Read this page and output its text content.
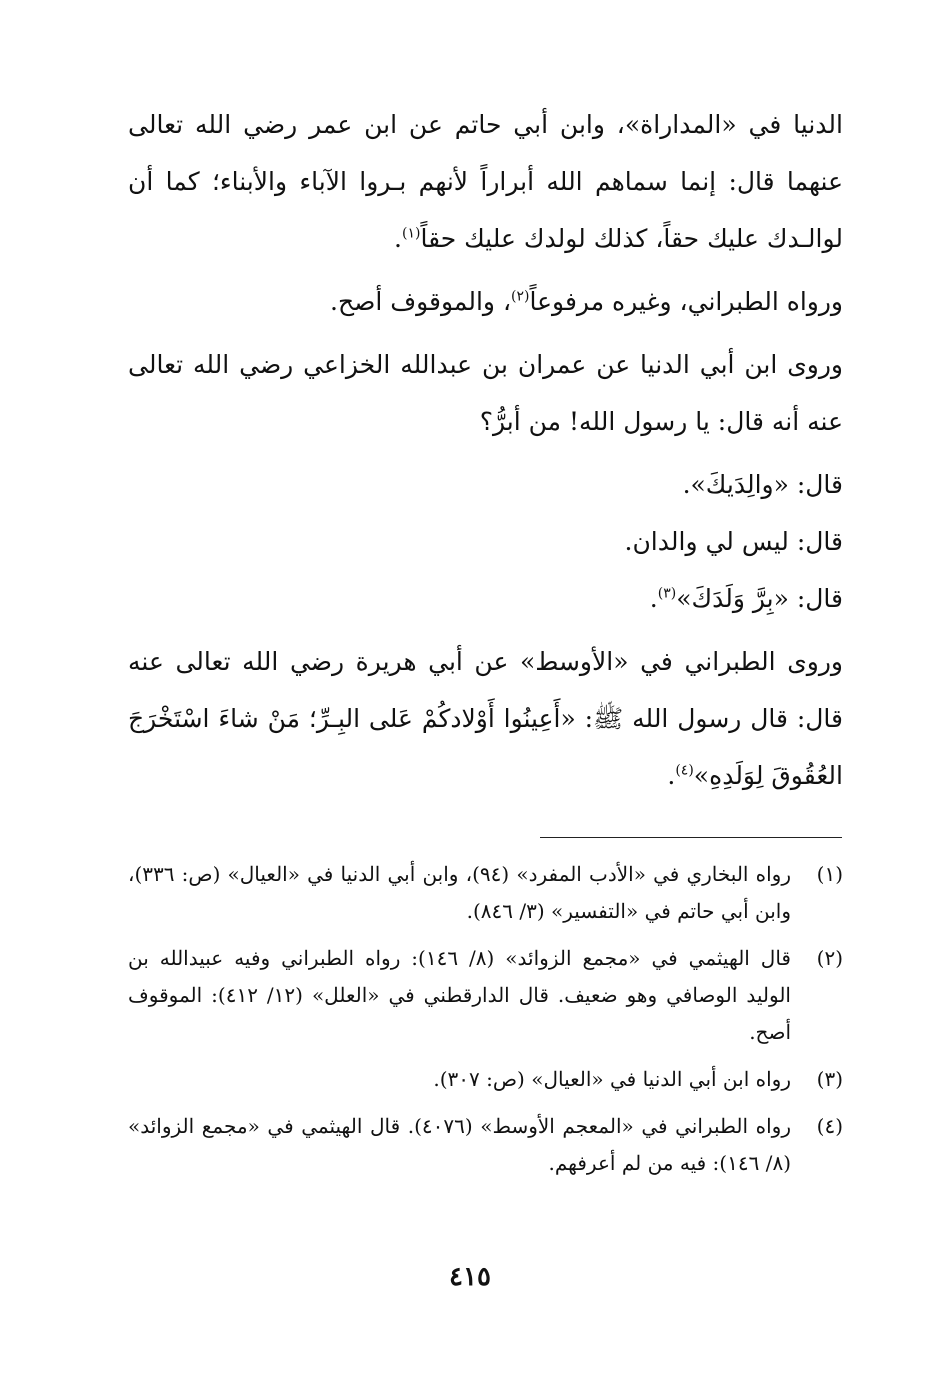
الدنيا في «المداراة»، وابن أبي حاتم عن ابن عمر رضي الله تعالى عنهما قال: إنما سماهم الله أبراراً لأنهم بـروا الآباء والأبناء؛ كما أن لوالـدك عليك حقاً، كذلك لولدك عليك حقاً$^{(١)}$.

ورواه الطبراني، وغيره مرفوعاً$^{(٢)}$، والموقوف أصح.

وروى ابن أبي الدنيا عن عمران بن عبدالله الخزاعي رضي الله تعالى عنه أنه قال: يا رسول الله! من أبرُّ؟

قال: «والِدَيكَ».

قال: ليس لي والدان.

قال: «بِرَّ وَلَدَكَ»$^{(٣)}$.

وروى الطبراني في «الأوسط» عن أبي هريرة رضي الله تعالى عنه قال: قال رسول الله ﷺ: «أَعِينُوا أَوْلادكُمْ عَلى البِـرِّ؛ مَنْ شاءَ اسْتَخْرَجَ العُقُوقَ لِوَلَدِهِ»$^{(٤)}$.

(١)
رواه البخاري في «الأدب المفرد» (٩٤)، وابن أبي الدنيا في «العيال» (ص: ٣٣٦)، وابن أبي حاتم في «التفسير» (٣/ ٨٤٦).
(٢)
قال الهيثمي في «مجمع الزوائد» (٨/ ١٤٦): رواه الطبراني وفيه عبيدالله بن الوليد الوصافي وهو ضعيف. قال الدارقطني في «العلل» (١٢/ ٤١٢): الموقوف أصح.
(٣)
رواه ابن أبي الدنيا في «العيال» (ص: ٣٠٧).
(٤)
رواه الطبراني في «المعجم الأوسط» (٤٠٧٦). قال الهيثمي في «مجمع الزوائد» (٨/ ١٤٦): فيه من لم أعرفهم.
٤١٥
